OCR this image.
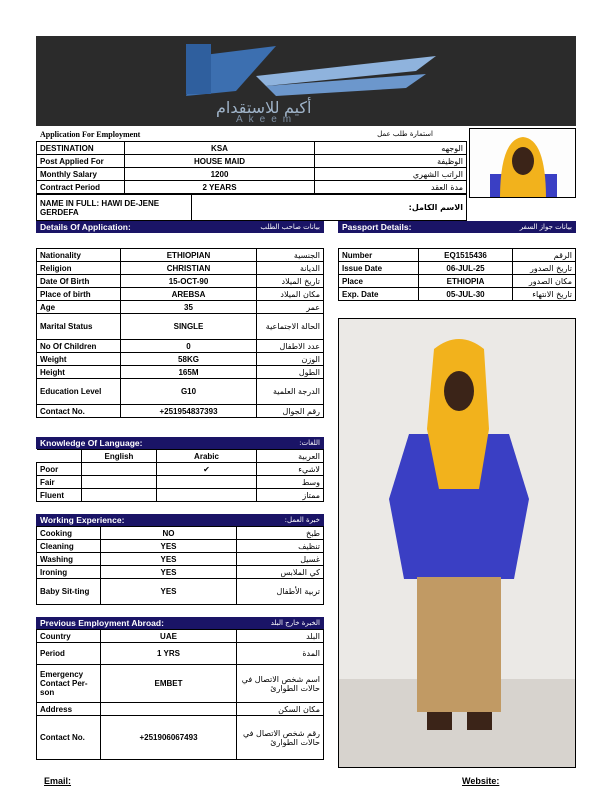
أكيم للاستقدام
Akeem
Application For Employment	استمارة طلب عمل
DESTINATION	KSA	الوجهه
Post Applied For	HOUSE MAID	الوظيفة
Monthly Salary	1200	الراتب الشهري
Contract Period	2 YEARS	مدة العقد
NAME IN FULL: HAWI DE-JENE GERDEFA	الاسم الكامل:
Details Of Application:	بيانات صاحب الطلب	Passport Details:	بيانات جواز السفر
Nationality	ETHIOPIAN	الجنسية
Religion	CHRISTIAN	الديانة
Date Of Birth	15-OCT-90	تاريخ الميلاد
Place of birth	AREBSA	مكان الميلاد
Age	35	عمر
Marital Status	SINGLE	الحالة الاجتماعية
No Of Children	0	عدد الاطفال
Weight	58KG	الوزن
Height	165M	الطول
Education Level	G10	الدرجة العلمية
Contact No.	+251954837393	رقم الجوال
Number	EQ1515436	الرقم
Issue Date	06-JUL-25	تاريخ الصدور
Place	ETHIOPIA	مكان الصدور
Exp. Date	05-JUL-30	تاريخ الانتهاء
Knowledge Of Language:	اللغات:
	English	Arabic	العربية
Poor		✔	لاشيء
Fair			وسط
Fluent			ممتاز
Working Experience:	خبرة العمل:
Cooking	NO	طبخ
Cleaning	YES	تنظيف
Washing	YES	غسيل
Ironing	YES	كي الملابس
Baby Sit-ting	YES	تربية الأطفال
Previous Employment Abroad:	الخبرة خارج البلد
Country	UAE	البلد
Period	1 YRS	المدة
Emergency Contact Per-son	EMBET	اسم شخص الاتصال في حالات الطوارئ
Address		مكان السكن
Contact No.	+251906067493	رقم شخص الاتصال في حالات الطوارئ
Email:	Website:
